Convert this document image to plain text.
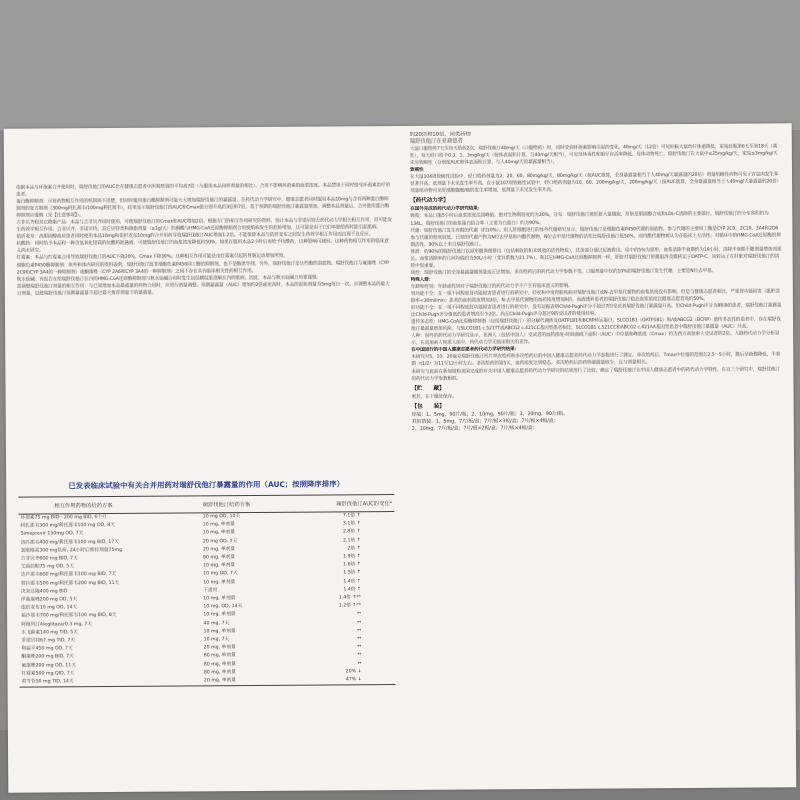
的20倍和10倍，同类药物

瑞舒伐他汀在亚裔患者

大鼠口服给药7天至每天给药2次，瑞舒伐他汀40mg/天（口服给药）时，同时受到环孢素影响引起的变化。40mg/天（12倍）可见妊娠大鼠幼仔体重降低，家兔妊娠第6天至第18天（离乳），每天经口给予0.3、1、3mg/kg/天（按体表面积计算，与40mg/天相当），可见母体毒性和胎仔存活率降低。母体动物死亡。瑞舒伐他汀在大鼠中≤25mg/kg/天，家兔≤3mg/kg/天未见致畸性（分别按AUC和体表面积计算，与人40mg/天的暴露量相当）。

致癌性

在大鼠104周致癌性试验中，经口给药剂量为2、20、60、80mg/kg/天，80mg/kg/天（按AUC推算，全身暴露量相当于人40mg/天暴露量的20倍）剂量组雌性动物可见子宫息肉发生率显著升高。低剂量下未见发生率升高。在小鼠107周致癌性试验中，经口给药剂量为10、60、200mg/kg/天，200mg/kg/天（按AUC推算，全身暴露量相当于人40mg/天暴露量的20倍）剂量组动物可见肝细胞腺瘤/癌的发生率增加，低剂量下未见发生率升高。

【药代动力学】

在国外完成的药代动力学研究结果：

吸收：本品口服5小时后血浆浓度达到峰值。绝对生物利用度约为20%。分布：瑞舒伐他汀被肝脏大量摄取，肝脏是胆固醇合成和LDL-C清除的主要部位。瑞舒伐他汀的分布容积约为134L。瑞舒伐他汀的血浆蛋白结合率（主要为白蛋白）约为90%。

代谢：瑞舒伐他汀发生有限的代谢（约10%）。用人肝细胞进行的体外代谢研究显示，瑞舒伐他汀是细胞色素P450代谢的弱底物。参与代谢的主要同工酶是CYP 2C9，2C19、3A4和2D6参与代谢的程度较低。已知的代谢产物为N位去甲基和内酯代谢物。N位去甲基代谢物的活性比瑞舒伐他汀低50%，而内酯代谢物被认为在临床上无活性。对循环中的HMG-CoA还原酶的抑制活性，90%以上来自瑞舒伐他汀。

排泄：约90%的瑞舒伐他汀以原形随粪便排出（包括吸收的和未吸收的活性物质），其余部分通过尿液排出。尿中约5%为原形。血浆清除半衰期约为19小时，清除半衰期不随剂量增加而延长。血浆清除率的几何均值约为50L/小时（变异系数为21.7%）。和其它HMG-CoA还原酶抑制剂一样，肝脏对瑞舒伐他汀的摄取涉及膜转运子OATP-C，该转运子在肝脏对瑞舒伐他汀的清除中很重要。

线性：瑞舒伐他汀的全身暴露量随剂量成正比增加。多次给药后的药代动力学参数不变。口服剂量中仅约10%的瑞舒伐他汀发生代谢，主要是N位去甲基。

特殊人群：

年龄和性别：年龄或性别对于瑞舒伐他汀的药代动力学不产生有临床意义的影响。

肾功能不全：在一项不同程度肾功能损害患者进行的研究中，轻度和中度肾脏疾病对瑞舒伐他汀或N-去甲基代谢物的血浆浓度没有影响，但是与健康志愿者相比，严重肾功能损害（肌酐清除率<30ml/min）患者的血药浓度增加3倍，N-去甲基代谢物的血药浓度增加9倍。血液透析患者的瑞舒伐他汀稳态血浆浓度比健康志愿者高约50%。

肝功能不全：在一项不同程度肝功能损害患者进行的研究中，没有证据表明Child-Pugh评分不超过7的受试者瑞舒伐他汀暴露量升高。但Child-Pugh评分为8和9的患者，瑞舒伐他汀暴露量比Child-Pugh评分值低的患者增高至少2倍。尚无Child-Pugh评分超过9的受试者的使用经验。

遗传多态性：HMG-CoA还原酶抑制剂（包括瑞舒伐他汀）的分解代谢涉及OATP1B1和BCRP转运蛋白。SLCO1B1（OATP1B1）和/或ABCG2（BCRP）遗传多态性的患者中，存在瑞舒伐他汀暴露量增加风险。与SLCO1B1 c.521TT或ABCG2 c.421CC基因型患者相比，SLCO1B1 c.521CC和ABCG2 c.421AA基因型患者中瑞舒伐他汀暴露量（AUC）升高。

人种：国外的药代动力学研究显示，亚洲人（包括中国人）受试者的血药浓度-时间曲线下面积（AUC）中位值和峰浓度（Cmax）约为西方高加索人受试者的2倍。人群药代动力学分析显示，在高加索人和黑人组中，药代动力学无临床相关的差异。

在中国进行的中国人健康志愿者药代动力学研究结果：

本研究对5、10、20毫克瑞舒伐他汀钙片单次给药和多次给药后的中国人健康志愿者药代动力学参数进行了测定。单次给药后，Tmax中位值的范围在2.5～5小时，随后呈指数降低，半衰期（t1/2）为11至12小时左右。多次给药的第5天，血药浓度达到稳态。多次给药后的药物暴露量较少，且与剂量相关。

本研究与此前在新加坡和美国完成的有关中国人健康志愿者药代动力学研究的结果进行了比较。确定了瑞舒伐他汀在中国人健康志愿者中的药代动力学特性。在这三个研究中，瑞舒伐他汀的药代动力学参数相似。

【贮　　藏】

密封，在干燥处保存。

【包　　装】

铝装：1、5mg，90片/瓶；2、10mg，90片/瓶；3、20mg，90片/瓶。

双铝箔装：1、5mg，7片/板/盒；7片/板×3板/盒；7片/板×4板/盒；

2、10mg，7片/板/盒；7片/板×2板/盒；7片/板×4板/盒；

依据本品与环孢素合并使用时，瑞舒伐他汀的AUC比在健康志愿者中所观察到的平均高7倍（与服用本品同样剂量的相比）。合用不影响环孢素的血浆浓度。本品禁用于同时接受环孢素治疗的患者。

蛋白酶抑制剂：尽管药物相互作用的机制尚不清楚，但同时服用蛋白酶抑制剂可能大大增加瑞舒伐他汀的暴露量。在药代动力学研究中，健康志愿者同时服用本品10mg与含有两种蛋白酶抑制剂的复方制剂（300mg阿扎那韦/100mg利托那韦），结果显示瑞舒伐他汀的AUC和Cmax值分别升高约3倍和7倍。基于预期的瑞舒伐他汀暴露量增加，调整本品剂量后，合并使用蛋白酶抑制剂应谨慎（见【注意事项】）。

吉非贝齐和其它降脂产品：本品与吉非贝齐同时使用，可使瑞舒伐他汀的Cmax和AUC增加2倍。根据专门的相互作用研究的资料，预计本品与非诺贝特无药代动力学相关相互作用，但可能发生药效学相互作用。吉非贝齐、非诺贝特、其它贝特类和降脂剂量（≥1g/天）的烟酸与HMG-CoA还原酶抑制剂合用使肌病发生的危险增加，这可能是由于它们单独给药时能引起肌病。

依折麦布：高胆固醇血症患者同时使用本品10mg和依折麦布10mg的合并用药导致瑞舒伐他汀AUC增加1.2倍。不能排除本品与依折麦布之间发生药效学相互作用而出现不良反应。

抗酸药：同时给予本品和一种含氢氧化铝镁的抗酸药混悬液，可使瑞舒伐他汀的血浆浓度降低约50%。如果在服用本品2小时后再给予抗酸药，这种影响可减轻。这种药物相互作用的临床意义尚未研究。

红霉素：本品与红霉素合用导致瑞舒伐他汀的AUC下降20%，Cmax下降30%。这种相互作用可能是由红霉素引起的胃肠运动增加所致。

细胞色素P450酶抑制剂：体外和体内研究的资料表明，瑞舒伐他汀既非细胞色素P450同工酶的抑制剂，也不是酶诱导剂。另外，瑞舒伐他汀是这些酶的弱底物。瑞舒伐他汀与氟康唑（CYP 2C9和CYP 3A4的一种抑制剂）或酮康唑（CYP 2A6和CYP 3A4的一种抑制剂）之间不存在具有临床相关性的相互作用。

秋水仙碱：有报告在给瑞舒伐他汀在内的HMG-CoA还原酶抑制剂与秋水仙碱合用时发生包括横纹肌溶解在内的肌病。因此，本品与秋水仙碱合用要谨慎。

需调整瑞舒伐他汀剂量的相互作用：与已知增加本品暴露量的药物合用时，应进行剂量调整。预期暴露量（AUC）增加约2倍或更高时，本品的起始剂量为5mg每日一次。应调整本品的最大日剂量，以使瑞舒伐他汀预期暴露量不超过最大推荐剂量下的暴露量。

已发表临床试验中有关合并用药对瑞舒伐他汀暴露量的作用（AUC；按照降序排序）
相互作用药物的给药方案	瑞舒伐他汀给药方案	瑞舒伐他汀AUC的变化*
环孢素75 mg BID～200 mg BID, 6个月	10 mg OD, 10天	7.1倍 ↑
阿扎那韦300 mg/利托那韦100 mg OD, 8天	10 mg, 单剂量	3.1倍 ↑
Simeprevir 150mg OD, 7天	10 mg, 单剂量	2.8倍 ↑
洛匹那韦400 mg/利托那韦100 mg BID, 17天	20 mg OD, 7天	2.1倍 ↑
氯吡格雷300 mg负荷, 24小时后维持剂量75mg	20 mg, 单剂量	2倍 ↑
吉非贝齐600 mg BID, 7天	80 mg, 单剂量	1.9倍 ↑
艾曲泊帕75 mg OD, 5天	10 mg, 单剂量	1.6倍 ↑
达芦那韦600 mg/利托那韦100 mg BID, 7天	10 mg OD, 7天	1.5倍 ↑
替拉那韦500 mg/利托那韦200 mg BID, 11天	10 mg, 单剂量	1.4倍 ↑
决奈达隆400 mg BID	不适用	1.4倍 ↑
伊曲康唑200 mg OD, 5天	10 mg, 单剂量	1.4倍 ↑**
依折麦布10 mg OD, 14天	10 mg, OD, 14天	1.2倍 ↑**
福沙那韦700 mg/利托那韦100 mg BID, 8天	10 mg, 单剂量	↔
阿格列汀Aleglitazar0.3 mg, 7天	40 mg, 7天	↔
水飞蓟素140 mg TID, 5天	10 mg, 单剂量	↔
非诺贝特67 mg TID, 7天	10 mg, 7天	↔
利福平450 mg OD, 7天	20 mg, 单剂量	↔
酮康唑200 mg BID, 7天	80 mg, 单剂量	↔
氟康唑200 mg OD, 11天	80 mg, 单剂量	↔
红霉素500 mg QID, 7天	80 mg, 单剂量	20% ↓
黄芩苷50 mg TID, 14天	20 mg, 单剂量	47% ↓
